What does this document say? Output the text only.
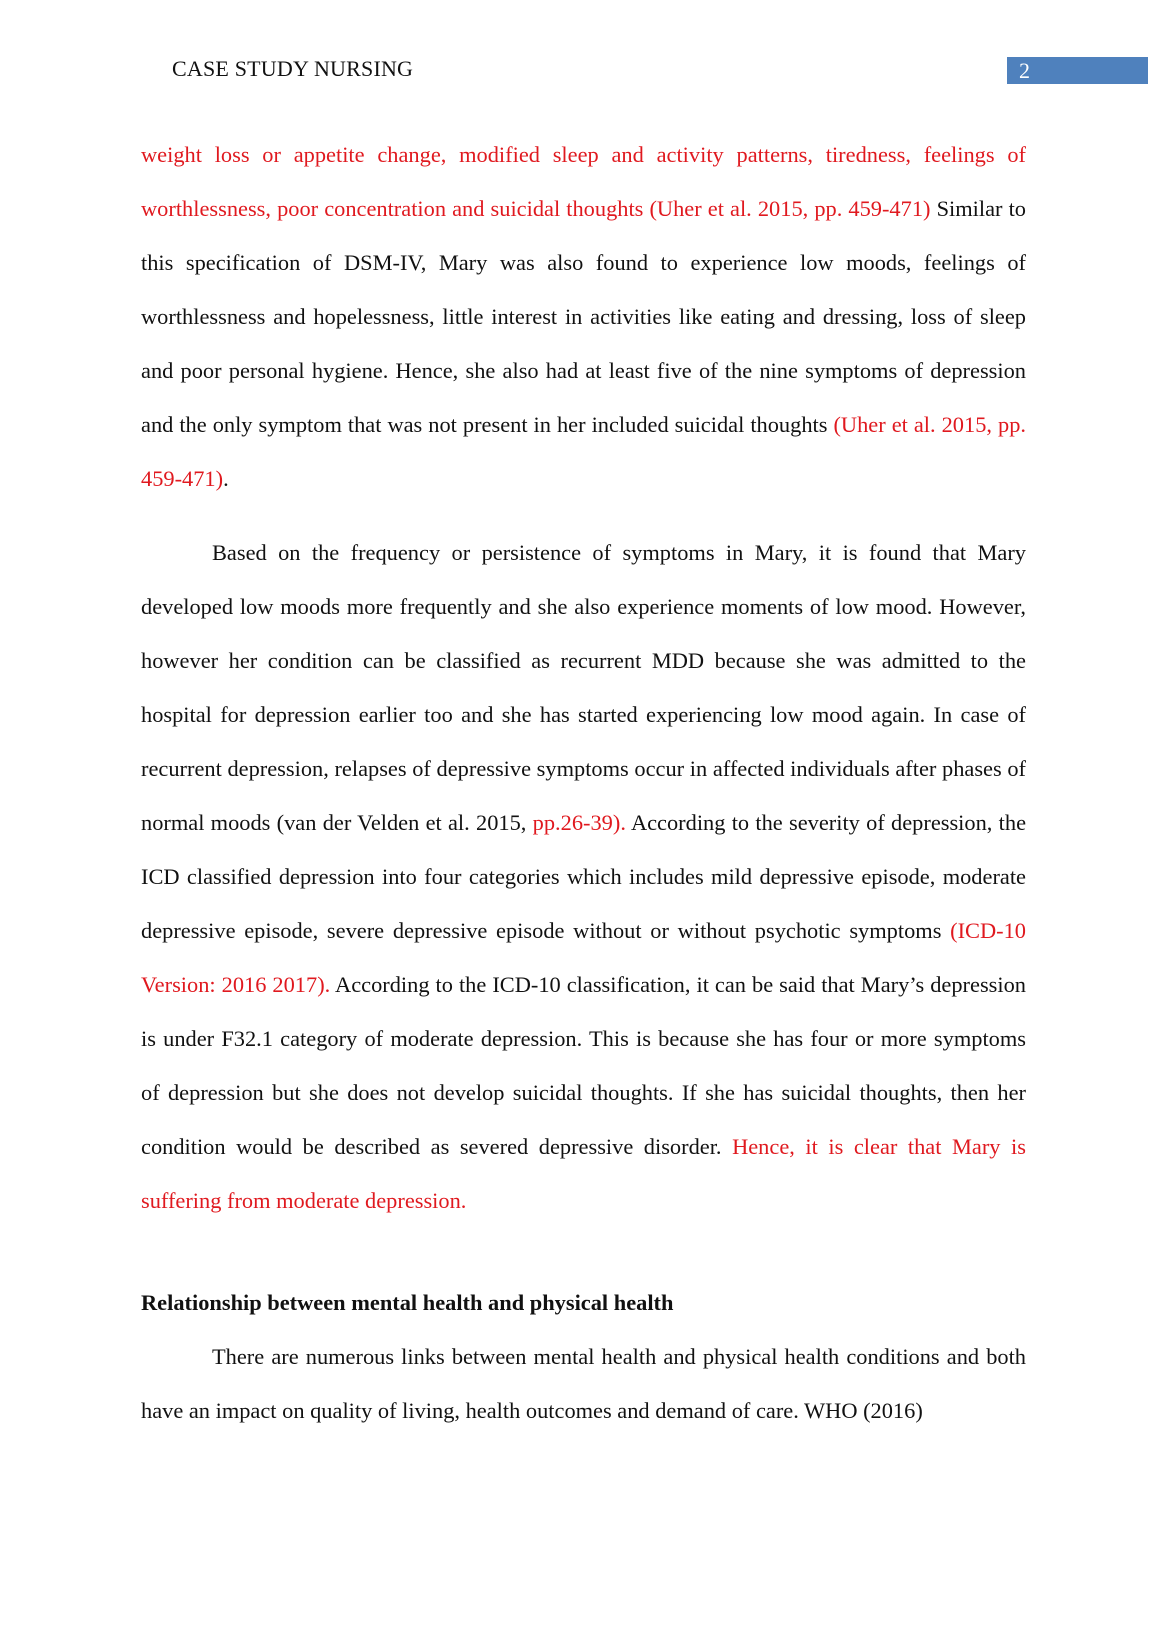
CASE STUDY NURSING	2

weight loss or appetite change, modified sleep and activity patterns, tiredness, feelings of worthlessness, poor concentration and suicidal thoughts (Uher et al. 2015, pp. 459-471) Similar to this specification of DSM-IV, Mary was also found to experience low moods, feelings of worthlessness and hopelessness, little interest in activities like eating and dressing, loss of sleep and poor personal hygiene. Hence, she also had at least five of the nine symptoms of depression and the only symptom that was not present in her included suicidal thoughts (Uher et al. 2015, pp. 459-471).

Based on the frequency or persistence of symptoms in Mary, it is found that Mary developed low moods more frequently and she also experience moments of low mood. However, however her condition can be classified as recurrent MDD because she was admitted to the hospital for depression earlier too and she has started experiencing low mood again. In case of recurrent depression, relapses of depressive symptoms occur in affected individuals after phases of normal moods (van der Velden et al. 2015, pp.26-39). According to the severity of depression, the ICD classified depression into four categories which includes mild depressive episode, moderate depressive episode, severe depressive episode without or without psychotic symptoms (ICD-10 Version: 2016 2017). According to the ICD-10 classification, it can be said that Mary’s depression is under F32.1 category of moderate depression. This is because she has four or more symptoms of depression but she does not develop suicidal thoughts. If she has suicidal thoughts, then her condition would be described as severed depressive disorder. Hence, it is clear that Mary is suffering from moderate depression.

Relationship between mental health and physical health

There are numerous links between mental health and physical health conditions and both have an impact on quality of living, health outcomes and demand of care. WHO (2016)
